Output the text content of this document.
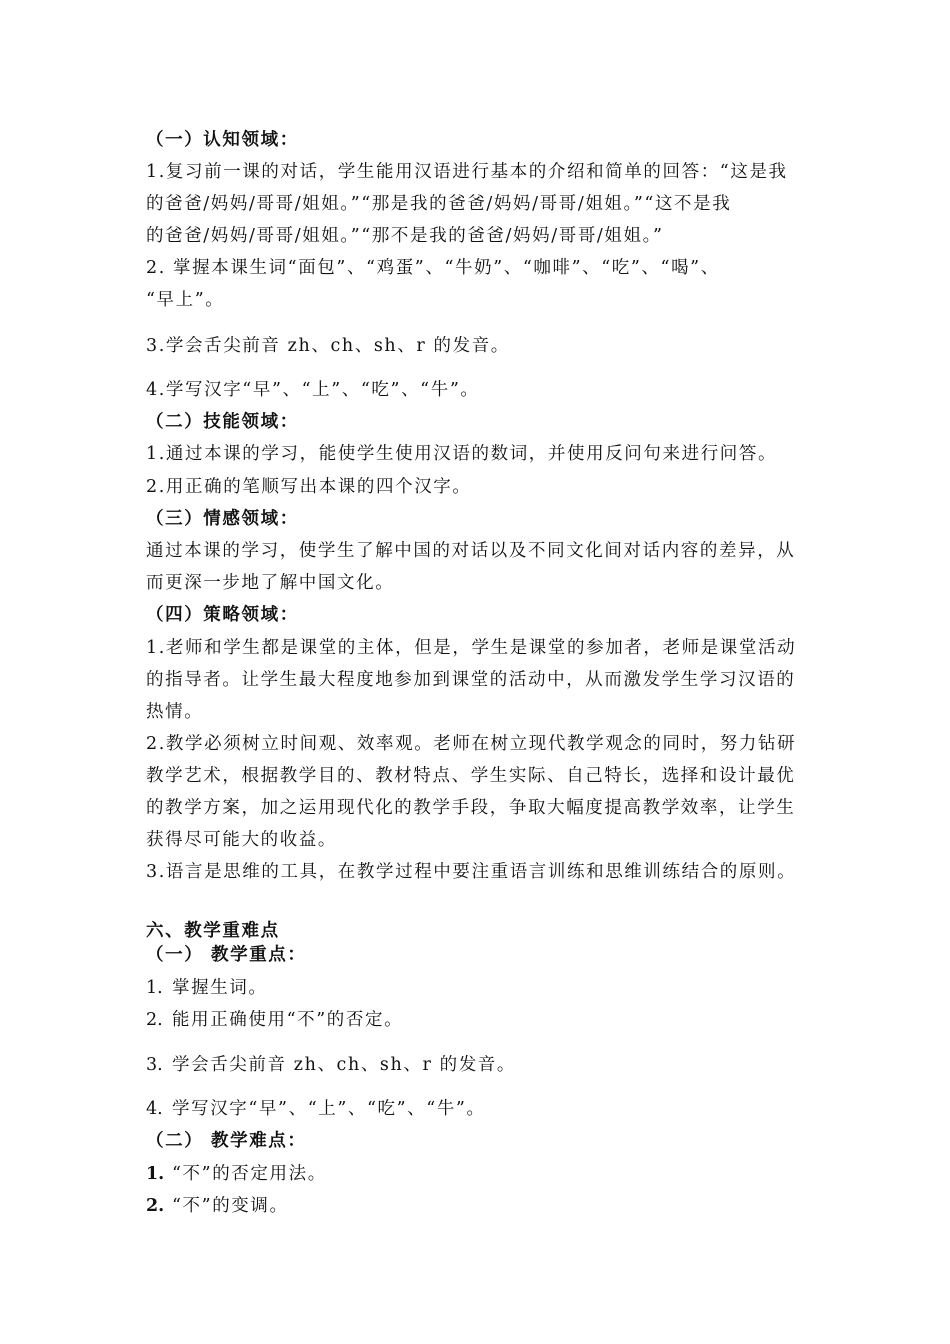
（一）认知领域：
1.复习前一课的对话，学生能用汉语进行基本的介绍和简单的回答：“这是我
的爸爸/妈妈/哥哥/姐姐。”“那是我的爸爸/妈妈/哥哥/姐姐。”“这不是我
的爸爸/妈妈/哥哥/姐姐。”“那不是我的爸爸/妈妈/哥哥/姐姐。”
2. 掌握本课生词“面包”、“鸡蛋”、“牛奶”、“咖啡”、“吃”、“喝”、
“早上”。
3.学会舌尖前音 zh、ch、sh、r 的发音。
4.学写汉字“早”、“上”、“吃”、“牛”。
（二）技能领域：
1.通过本课的学习，能使学生使用汉语的数词，并使用反问句来进行问答。
2.用正确的笔顺写出本课的四个汉字。
（三）情感领域：
通过本课的学习，使学生了解中国的对话以及不同文化间对话内容的差异，从
而更深一步地了解中国文化。
（四）策略领域：
1.老师和学生都是课堂的主体，但是，学生是课堂的参加者，老师是课堂活动
的指导者。让学生最大程度地参加到课堂的活动中，从而激发学生学习汉语的
热情。
2.教学必须树立时间观、效率观。老师在树立现代教学观念的同时，努力钻研
教学艺术，根据教学目的、教材特点、学生实际、自己特长，选择和设计最优
的教学方案，加之运用现代化的教学手段，争取大幅度提高教学效率，让学生
获得尽可能大的收益。
3.语言是思维的工具，在教学过程中要注重语言训练和思维训练结合的原则。
六、教学重难点
（一） 教学重点：
1. 掌握生词。
2. 能用正确使用“不”的否定。
3. 学会舌尖前音 zh、ch、sh、r 的发音。
4. 学写汉字“早”、“上”、“吃”、“牛”。
（二） 教学难点：
1. “不”的否定用法。
2. “不”的变调。
